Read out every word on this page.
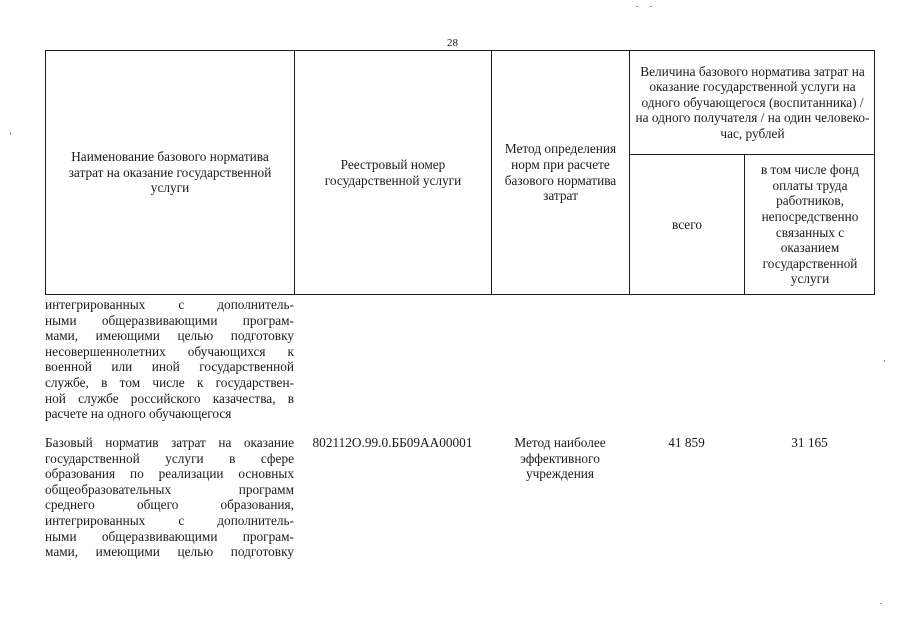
28
Наименование базового норматива затрат на оказание государственной услуги
Реестровый номер государственной услуги
Метод определения норм при расчете базового норматива затрат
Величина базового норматива затрат на оказание государственной услуги на одного обучающегося (воспитанника) / на одного получателя / на один человеко-час, рублей
всего
в том числе фонд оплаты труда работников, непосредственно связанных с оказанием государственной услуги
интегрированных с дополнитель-
ными общеразвивающими програм-
мами, имеющими целью подготовку
несовершеннолетних обучающихся к
военной или иной государственной
службе, в том числе к государствен-
ной службе российского казачества, в
расчете на одного обучающегося
Базовый норматив затрат на оказание
государственной услуги в сфере
образования по реализации основных
общеобразовательных программ
среднего общего образования,
интегрированных с дополнитель-
ными общеразвивающими програм-
мами, имеющими целью подготовку
802112О.99.0.ББ09АА00001	Метод наиболее эффективного учреждения
41 859	31 165
